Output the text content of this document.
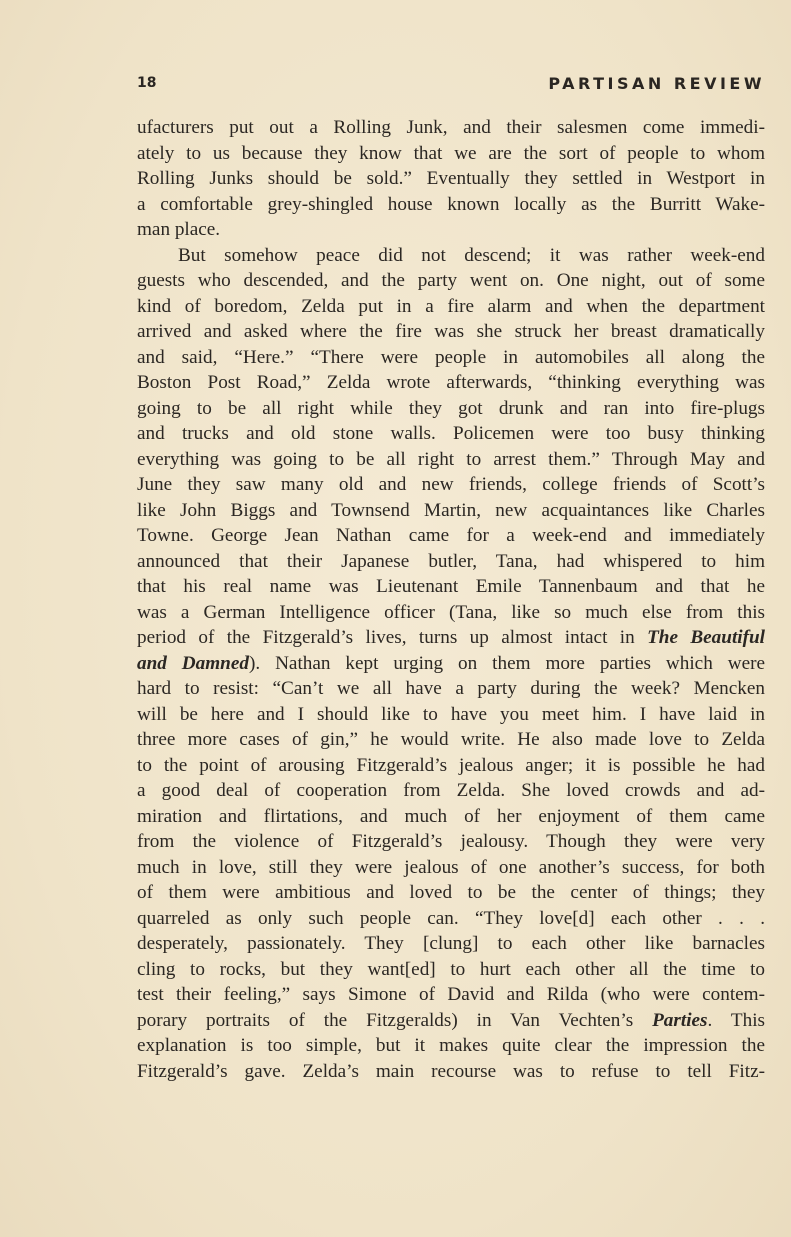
18	PARTISAN REVIEW
ufacturers put out a Rolling Junk, and their salesmen come immedi-
ately to us because they know that we are the sort of people to whom
Rolling Junks should be sold.” Eventually they settled in Westport in
a comfortable grey-shingled house known locally as the Burritt Wake-
man place.
But somehow peace did not descend; it was rather week-end
guests who descended, and the party went on. One night, out of some
kind of boredom, Zelda put in a fire alarm and when the department
arrived and asked where the fire was she struck her breast dramatically
and said, “Here.” “There were people in automobiles all along the
Boston Post Road,” Zelda wrote afterwards, “thinking everything was
going to be all right while they got drunk and ran into fire-plugs
and trucks and old stone walls. Policemen were too busy thinking
everything was going to be all right to arrest them.” Through May and
June they saw many old and new friends, college friends of Scott’s
like John Biggs and Townsend Martin, new acquaintances like Charles
Towne. George Jean Nathan came for a week-end and immediately
announced that their Japanese butler, Tana, had whispered to him
that his real name was Lieutenant Emile Tannenbaum and that he
was a German Intelligence officer (Tana, like so much else from this
period of the Fitzgerald’s lives, turns up almost intact in The Beautiful
and Damned). Nathan kept urging on them more parties which were
hard to resist: “Can’t we all have a party during the week? Mencken
will be here and I should like to have you meet him. I have laid in
three more cases of gin,” he would write. He also made love to Zelda
to the point of arousing Fitzgerald’s jealous anger; it is possible he had
a good deal of cooperation from Zelda. She loved crowds and ad-
miration and flirtations, and much of her enjoyment of them came
from the violence of Fitzgerald’s jealousy. Though they were very
much in love, still they were jealous of one another’s success, for both
of them were ambitious and loved to be the center of things; they
quarreled as only such people can. “They love[d] each other . . .
desperately, passionately. They [clung] to each other like barnacles
cling to rocks, but they want[ed] to hurt each other all the time to
test their feeling,” says Simone of David and Rilda (who were contem-
porary portraits of the Fitzgeralds) in Van Vechten’s Parties. This
explanation is too simple, but it makes quite clear the impression the
Fitzgerald’s gave. Zelda’s main recourse was to refuse to tell Fitz-
